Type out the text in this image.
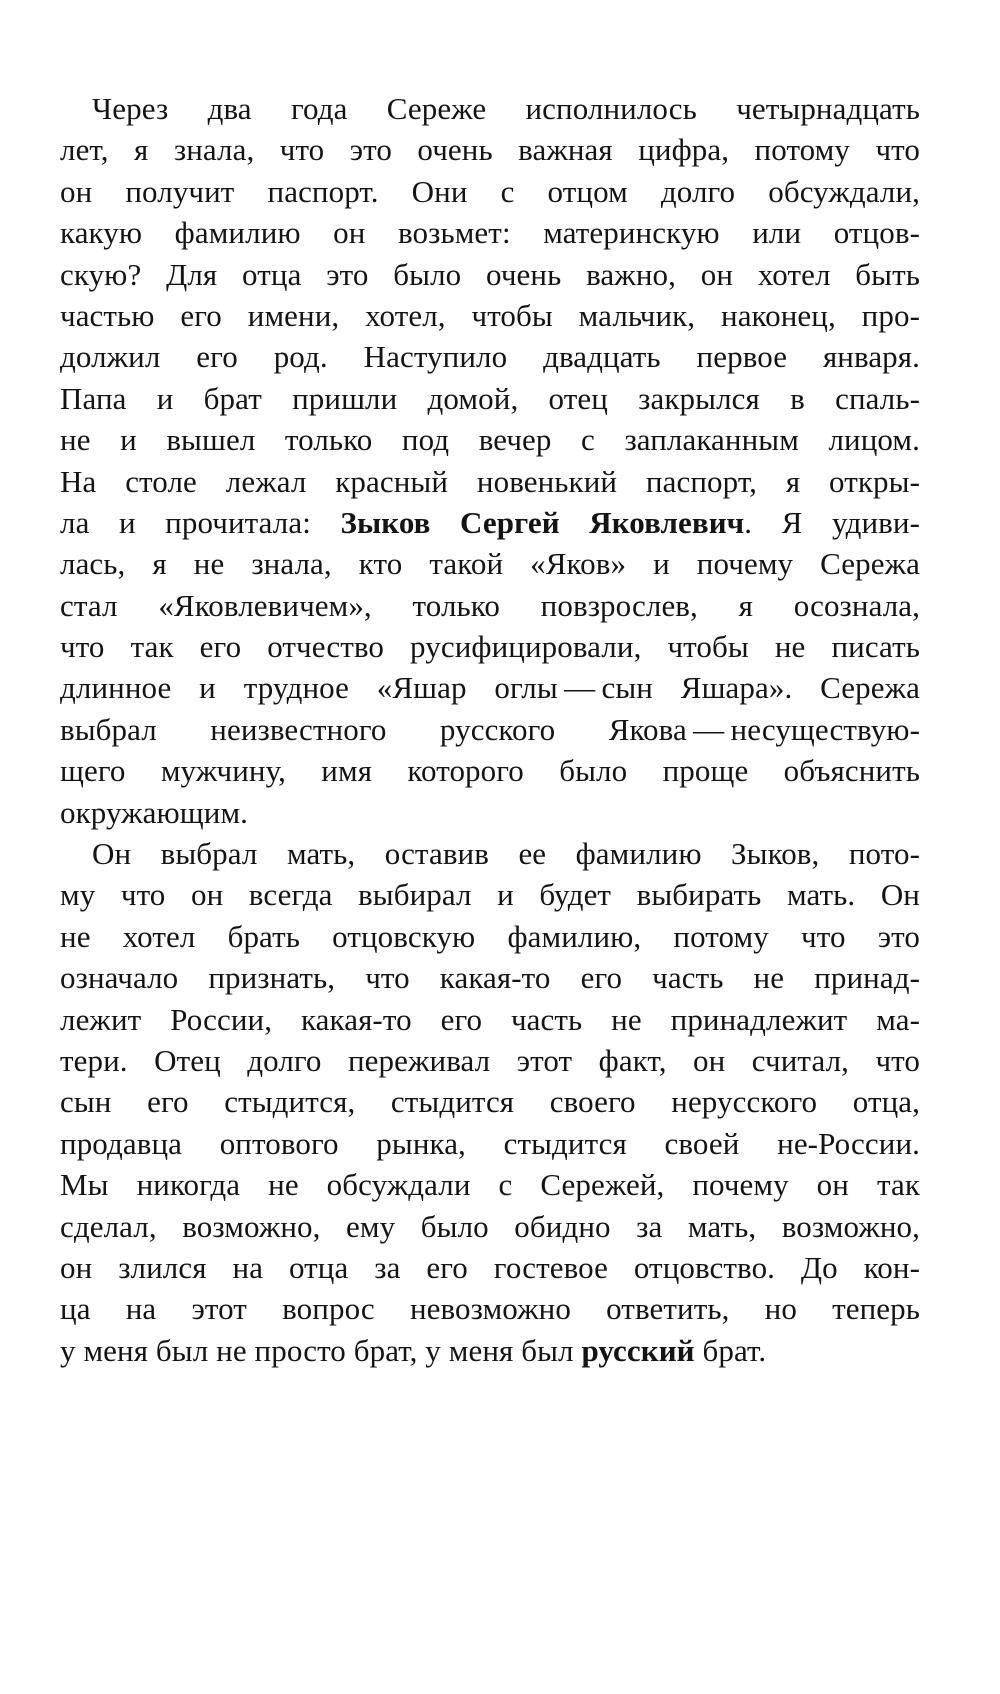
Через два года Сереже исполнилось четырнадцать
лет, я знала, что это очень важная цифра, потому что
он получит паспорт. Они с отцом долго обсуждали,
какую фамилию он возьмет: материнскую или отцов-
скую? Для отца это было очень важно, он хотел быть
частью его имени, хотел, чтобы мальчик, наконец, про-
должил его род. Наступило двадцать первое января.
Папа и брат пришли домой, отец закрылся в спаль-
не и вышел только под вечер с заплаканным лицом.
На столе лежал красный новенький паспорт, я откры-
ла и прочитала: Зыков Сергей Яковлевич. Я удиви-
лась, я не знала, кто такой «Яков» и почему Сережа
стал «Яковлевичем», только повзрослев, я осознала,
что так его отчество русифицировали, чтобы не писать
длинное и трудное «Яшар оглы — сын Яшара». Сережа
выбрал неизвестного русского Якова — несуществую-
щего мужчину, имя которого было проще объяснить
окружающим.
Он выбрал мать, оставив ее фамилию Зыков, пото-
му что он всегда выбирал и будет выбирать мать. Он
не хотел брать отцовскую фамилию, потому что это
означало признать, что какая-то его часть не принад-
лежит России, какая-то его часть не принадлежит ма-
тери. Отец долго переживал этот факт, он считал, что
сын его стыдится, стыдится своего нерусского отца,
продавца оптового рынка, стыдится своей не-России.
Мы никогда не обсуждали с Сережей, почему он так
сделал, возможно, ему было обидно за мать, возможно,
он злился на отца за его гостевое отцовство. До кон-
ца на этот вопрос невозможно ответить, но теперь
у меня был не просто брат, у меня был русский брат.
